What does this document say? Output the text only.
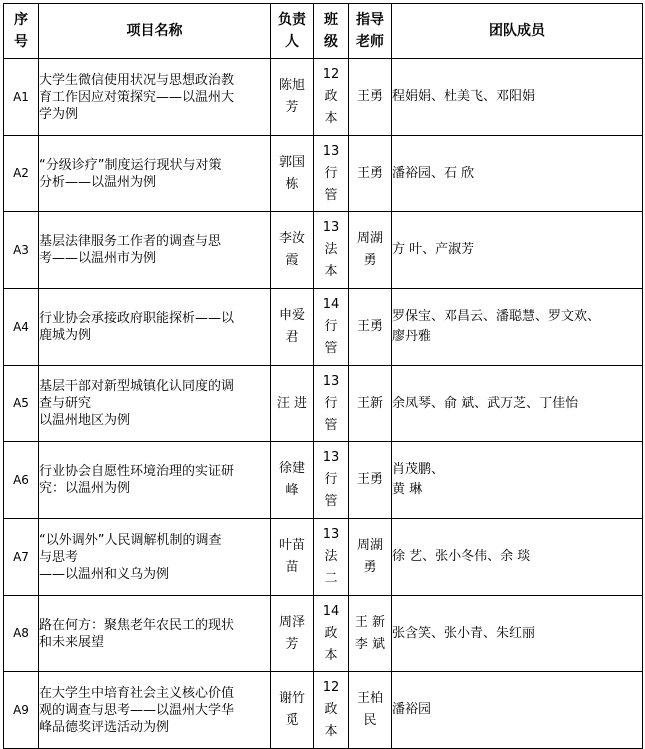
序
号	项目名称	负责
人	班
级	指导
老师	团队成员
A1	大学生微信使用状况与思想政治教
育工作因应对策探究——以温州大
学为例	陈旭
芳	12
政
本	王勇	程娟娟、杜美飞、邓阳娟

A2	“分级诊疗”制度运行现状与对策
分析——以温州为例	郭国
栋	13
行
管	王勇	潘裕园、石 欣

A3	基层法律服务工作者的调查与思
考——以温州市为例	李汝
霞	13
法
本	周湖
勇	方 叶、产淑芳

A4	行业协会承接政府职能探析——以
鹿城为例	申爱
君	14
行
管	王勇	罗保宝、邓昌云、潘聪慧、罗文欢、
廖丹雅

A5	基层干部对新型城镇化认同度的调
查与研究
以温州地区为例	汪 进	13
行
管	王新	余凤琴、俞 斌、武万芝、丁佳怡

A6	行业协会自愿性环境治理的实证研
究：以温州为例	徐建
峰	13
行
管	王勇	肖茂鹏、
黄 琳

A7	“以外调外”人民调解机制的调查
与思考
——以温州和义乌为例	叶苗
苗	13
法
二	周湖
勇	徐 艺、张小冬伟、余 琰

A8	路在何方：聚焦老年农民工的现状
和未来展望	周泽
芳	14
政
本	王 新
李 斌	张含笑、张小青、朱红丽

A9	在大学生中培育社会主义核心价值
观的调查与思考——以温州大学华
峰品德奖评选活动为例	谢竹
觅	12
政
本	王柏
民	潘裕园
